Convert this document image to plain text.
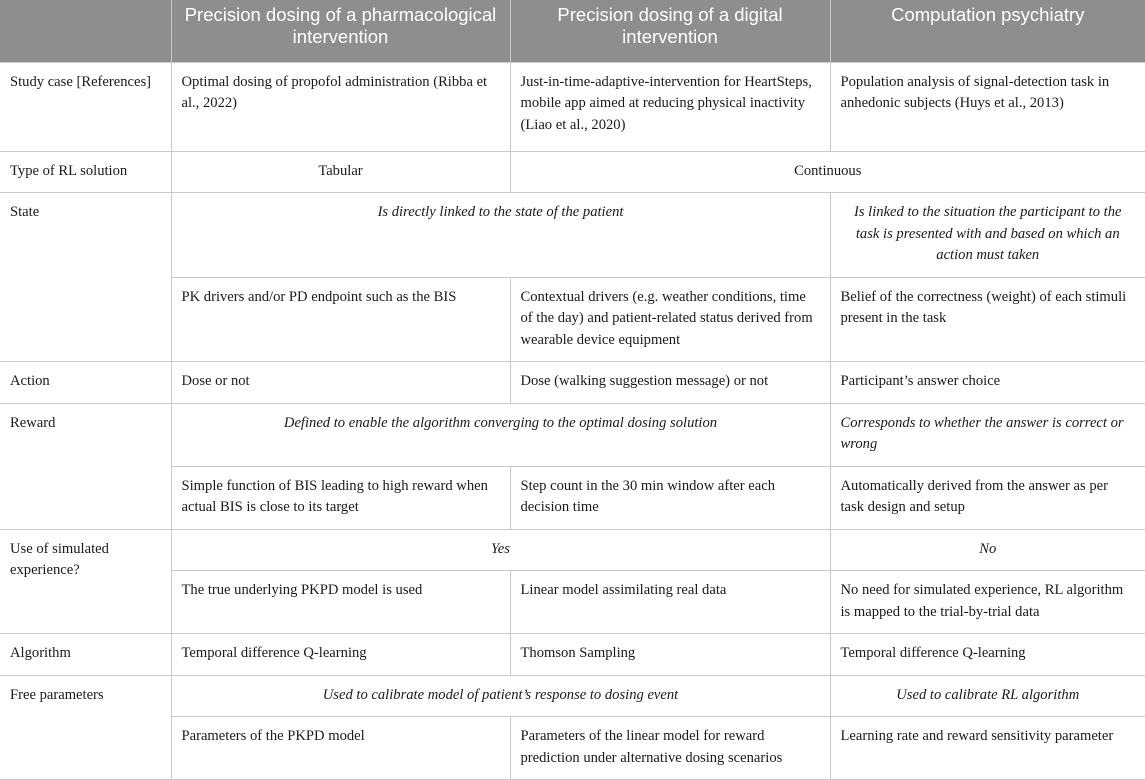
	Precision dosing of a pharmacological intervention	Precision dosing of a digital intervention	Computation psychiatry
Study case [References]	Optimal dosing of propofol administration (Ribba et al., 2022)	Just-in-time-adaptive-intervention for HeartSteps, mobile app aimed at reducing physical inactivity (Liao et al., 2020)	Population analysis of signal-detection task in anhedonic subjects (Huys et al., 2013)
Type of RL solution	Tabular	Continuous	
State	Is directly linked to the state of the patient		Is linked to the situation the participant to the task is presented with and based on which an action must taken
	PK drivers and/or PD endpoint such as the BIS	Contextual drivers (e.g. weather conditions, time of the day) and patient-related status derived from wearable device equipment	Belief of the correctness (weight) of each stimuli present in the task
Action	Dose or not	Dose (walking suggestion message) or not	Participant’s answer choice
Reward	Defined to enable the algorithm converging to the optimal dosing solution		Corresponds to whether the answer is correct or wrong
	Simple function of BIS leading to high reward when actual BIS is close to its target	Step count in the 30 min window after each decision time	Automatically derived from the answer as per task design and setup
Use of simulated experience?	Yes		No
	The true underlying PKPD model is used	Linear model assimilating real data	No need for simulated experience, RL algorithm is mapped to the trial-by-trial data
Algorithm	Temporal difference Q-learning	Thomson Sampling	Temporal difference Q-learning
Free parameters	Used to calibrate model of patient’s response to dosing event		Used to calibrate RL algorithm
	Parameters of the PKPD model	Parameters of the linear model for reward prediction under alternative dosing scenarios	Learning rate and reward sensitivity parameter
